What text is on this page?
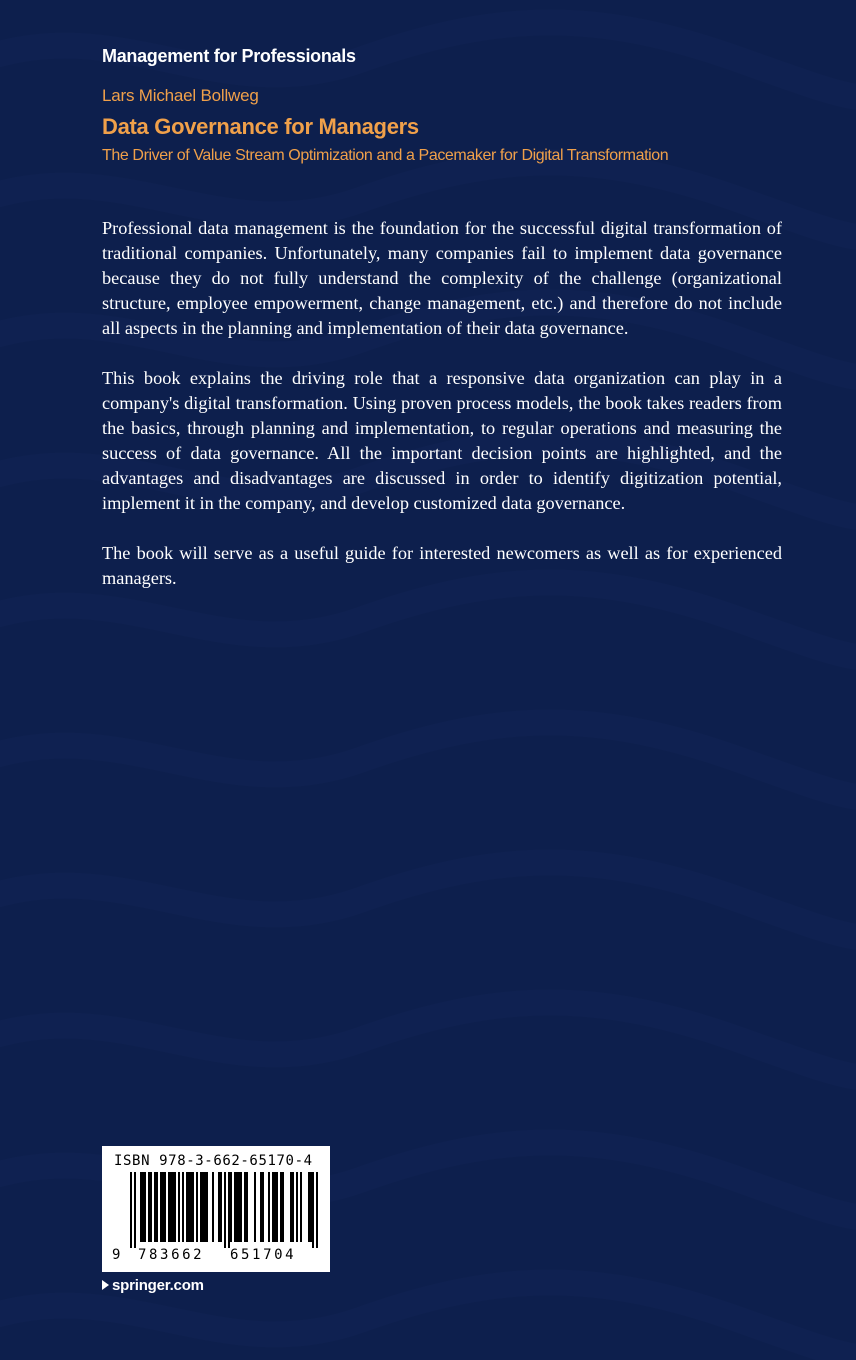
Management for Professionals
Lars Michael Bollweg
Data Governance for Managers
The Driver of Value Stream Optimization and a Pacemaker for Digital Transformation

Professional data management is the foundation for the successful digital transformation of traditional companies. Unfortunately, many companies fail to implement data governance because they do not fully understand the complexity of the challenge (organizational structure, employee empowerment, change management, etc.) and therefore do not include all aspects in the planning and implementation of their data governance.

This book explains the driving role that a responsive data organization can play in a company's digital transformation. Using proven process models, the book takes readers from the basics, through planning and implementation, to regular operations and measuring the success of data governance. All the important decision points are highlighted, and the advantages and disadvantages are discussed in order to identify digitization potential, implement it in the company, and develop customized data governance.

The book will serve as a useful guide for interested newcomers as well as for experienced managers.

ISBN 978-3-662-65170-4
9 783662 651704
springer.com
